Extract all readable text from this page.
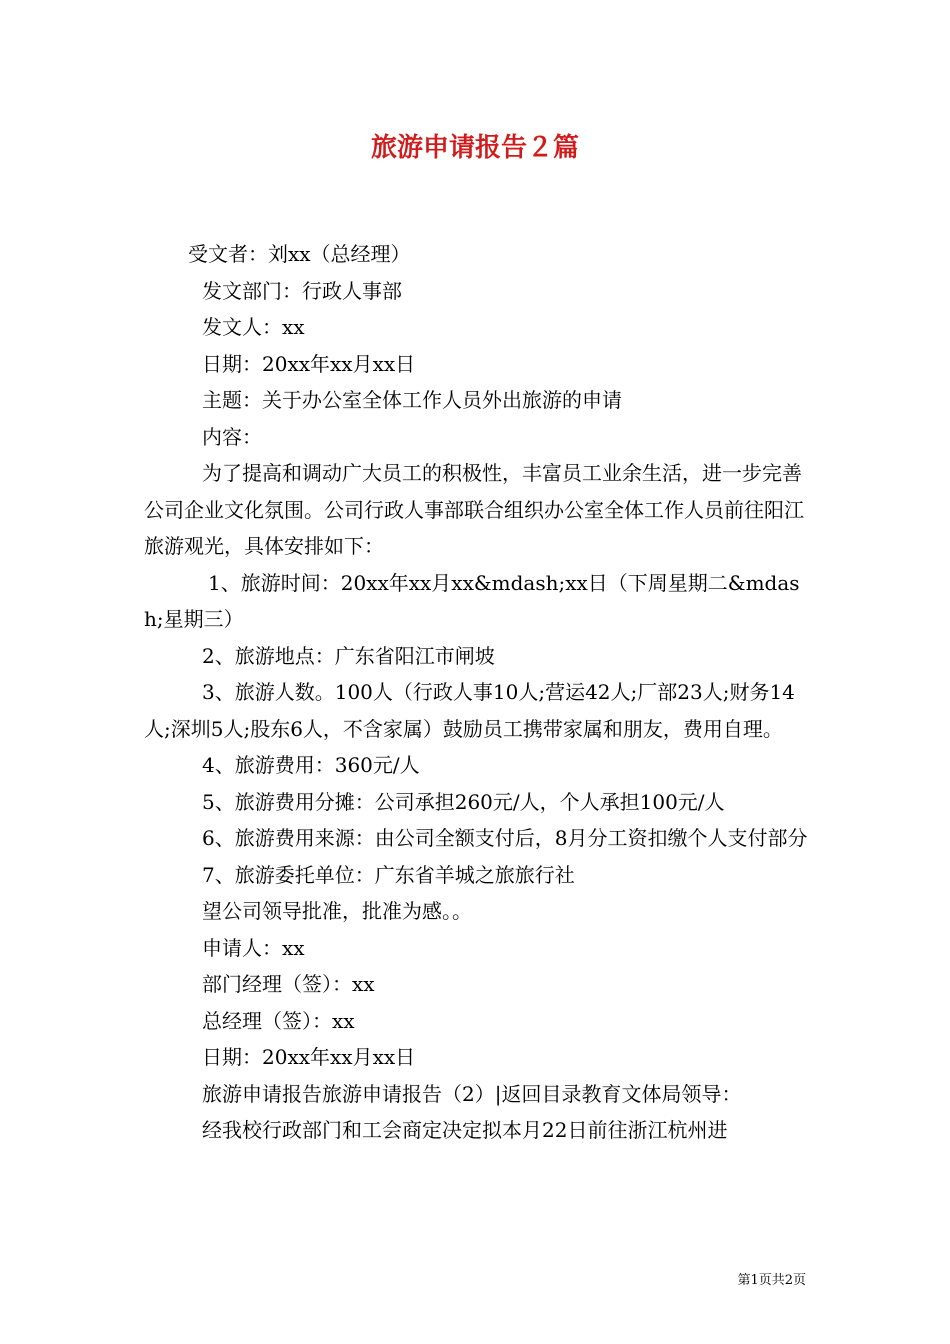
旅游申请报告２篇

受文者：刘xx（总经理）

发文部门：行政人事部

发文人：xx

日期：20xx年xx月xx日

主题：关于办公室全体工作人员外出旅游的申请

内容：

为了提高和调动广大员工的积极性，丰富员工业余生活，进一步完善公司企业文化氛围。公司行政人事部联合组织办公室全体工作人员前往阳江旅游观光，具体安排如下：

1、旅游时间：20xx年xx月xx&mdash;xx日（下周星期二&mdash;星期三）

2、旅游地点：广东省阳江市闸坡

3、旅游人数。100人（行政人事10人;营运42人;厂部23人;财务14人;深圳5人;股东6人，不含家属）鼓励员工携带家属和朋友，费用自理。

4、旅游费用：360元/人

5、旅游费用分摊：公司承担260元/人，个人承担100元/人

6、旅游费用来源：由公司全额支付后，8月分工资扣缴个人支付部分

7、旅游委托单位：广东省羊城之旅旅行社

望公司领导批准，批准为感。。

申请人：xx

部门经理（签）：xx

总经理（签）：xx

日期：20xx年xx月xx日

旅游申请报告旅游申请报告（2）|返回目录教育文体局领导：

经我校行政部门和工会商定决定拟本月22日前往浙江杭州进

第1页共2页
